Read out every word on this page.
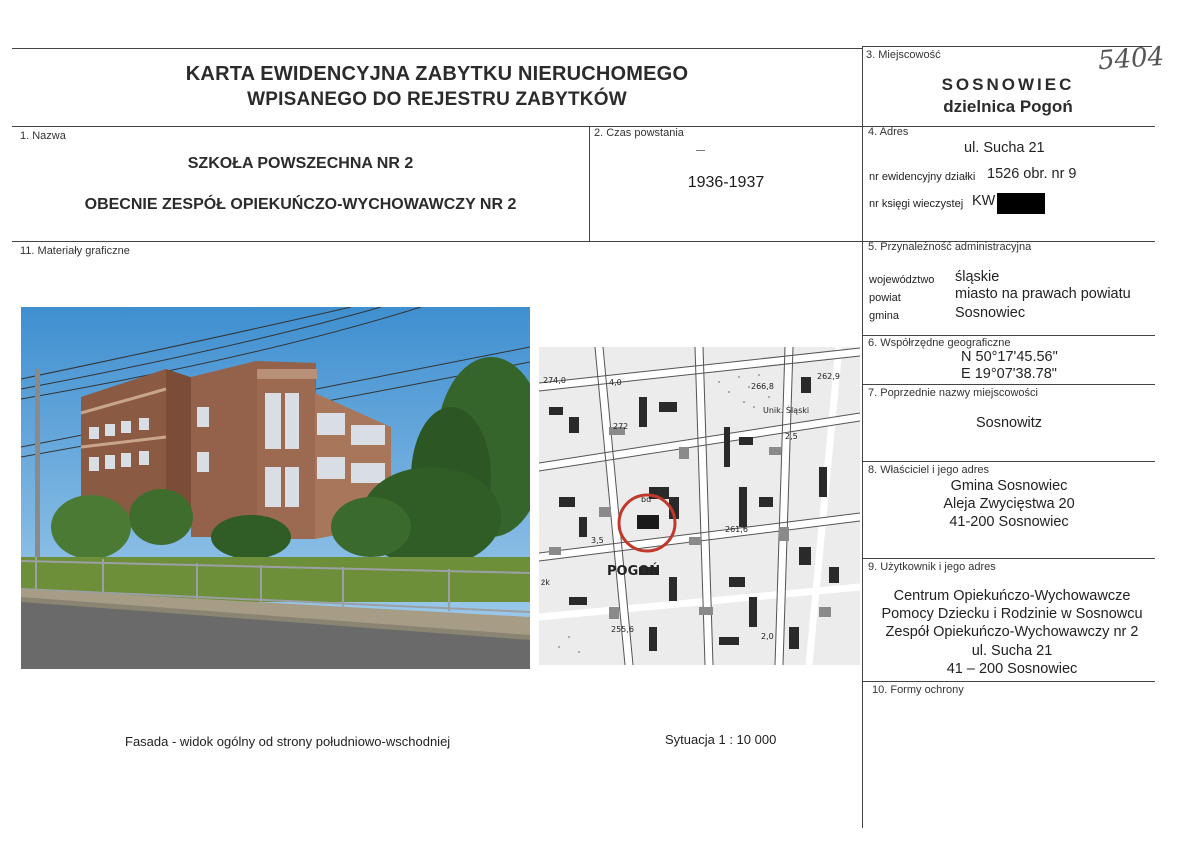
5404
KARTA EWIDENCYJNA ZABYTKU NIERUCHOMEGO
WPISANEGO DO REJESTRU ZABYTKÓW
3. Miejscowość
SOSNOWIEC
dzielnica Pogoń
1. Nazwa
SZKOŁA POWSZECHNA NR 2
OBECNIE ZESPÓŁ OPIEKUŃCZO-WYCHOWAWCZY NR 2
2. Czas powstania
1936-1937
4. Adres
ul. Sucha 21
nr ewidencyjny działki 1526 obr. nr 9
nr księgi wieczystej KW
11. Materiały graficzne
274,0	4,0	266,8
262,9
272
Unik. Śląski
2,5
bd
3,5
261,6
POGOŃ
255,6
2,0
żk
Fasada - widok ogólny od strony południowo-wschodniej	Sytuacja 1 : 10 000
5. Przynależność administracyjna
województwo śląskie
powiat	miasto na prawach powiatu
gmina	Sosnowiec
6. Współrzędne geograficzne
N 50°17'45.56"
E 19°07'38.78"
7. Poprzednie nazwy miejscowości
Sosnowitz
8. Właściciel i jego adres
Gmina Sosnowiec
Aleja Zwycięstwa 20
41-200 Sosnowiec
9. Użytkownik i jego adres
Centrum Opiekuńczo-Wychowawcze
Pomocy Dziecku i Rodzinie w Sosnowcu
Zespół Opiekuńczo-Wychowawczy nr 2
ul. Sucha 21
41 – 200 Sosnowiec
10. Formy ochrony
